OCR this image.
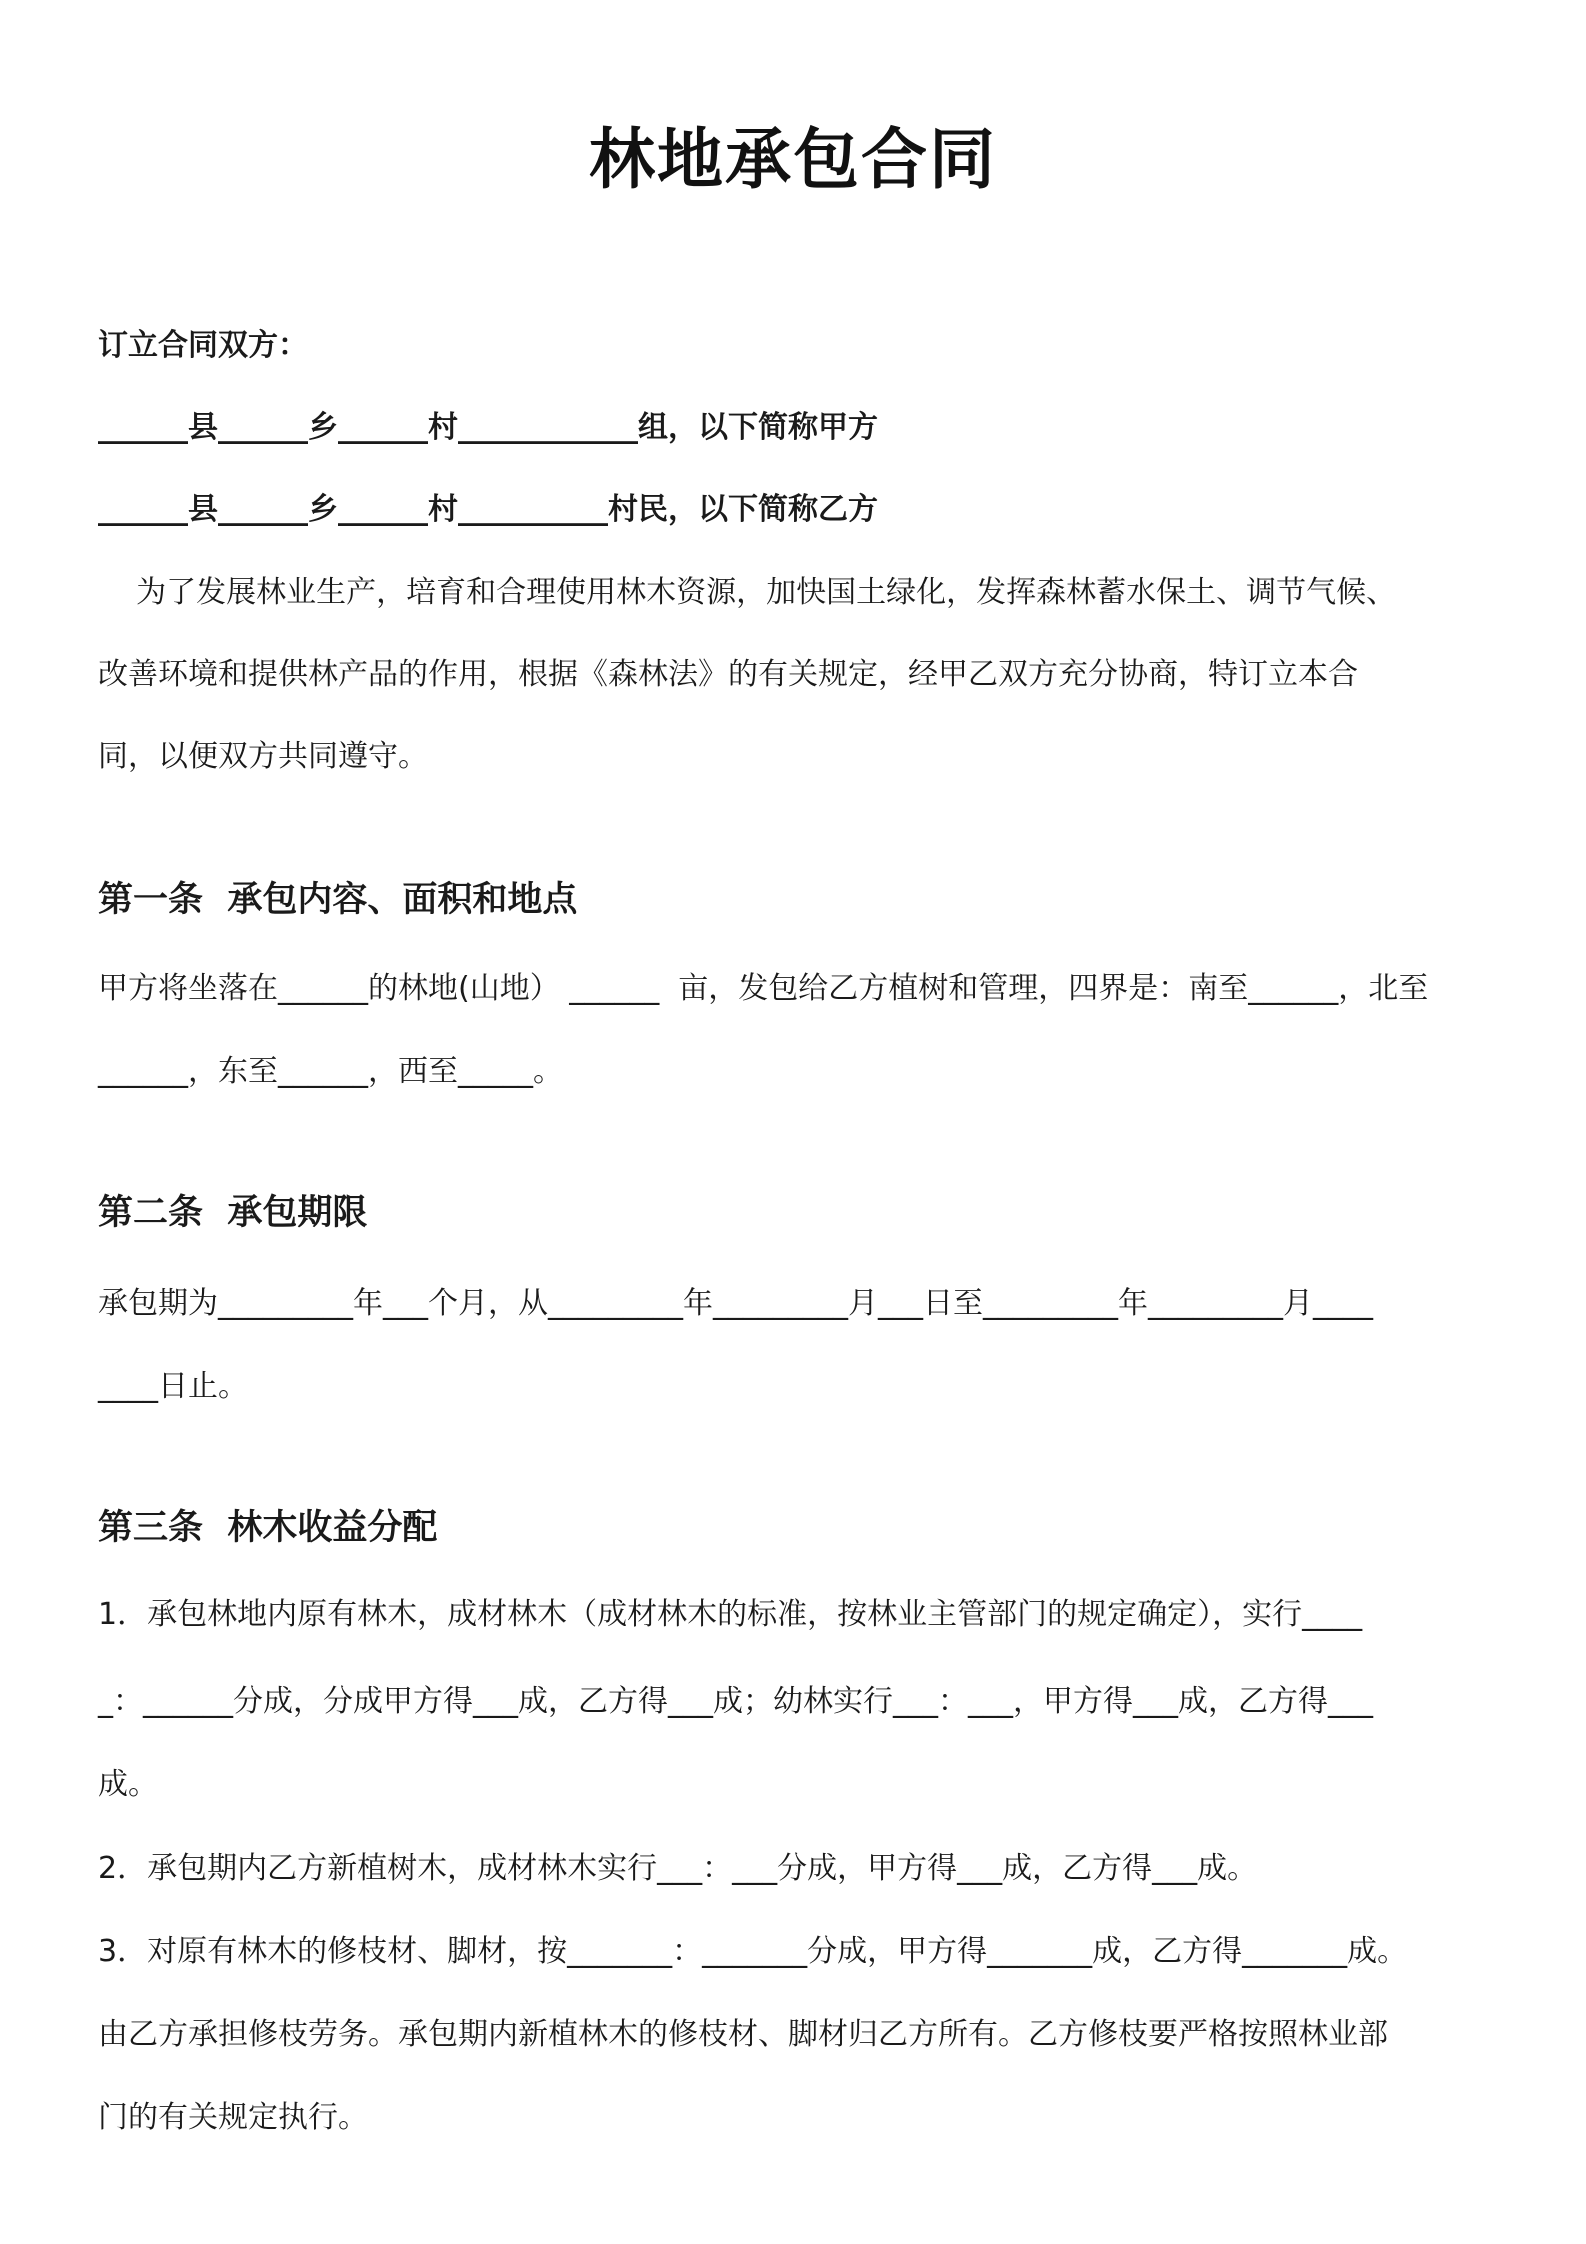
林地承包合同

订立合同双方：

______县______乡______村____________组，以下简称甲方

______县______乡______村__________村民，以下简称乙方

为了发展林业生产，培育和合理使用林木资源，加快国土绿化，发挥森林蓄水保土、调节气候、

改善环境和提供林产品的作用，根据《森林法》的有关规定，经甲乙双方充分协商，特订立本合

同，以便双方共同遵守。

第一条  承包内容、面积和地点

甲方将坐落在______的林地(山地） ______  亩，发包给乙方植树和管理，四界是：南至______，北至

______，东至______，西至_____。

第二条  承包期限

承包期为_________年___个月，从_________年_________月___日至_________年_________月____

____日止。

第三条  林木收益分配

1．承包林地内原有林木，成材林木（成材林木的标准，按林业主管部门的规定确定），实行____

_：______分成，分成甲方得___成，乙方得___成；幼林实行___：___，甲方得___成，乙方得___

成。

2．承包期内乙方新植树木，成材林木实行___：___分成，甲方得___成，乙方得___成。

3．对原有林木的修枝材、脚材，按_______：_______分成，甲方得_______成，乙方得_______成。

由乙方承担修枝劳务。承包期内新植林木的修枝材、脚材归乙方所有。乙方修枝要严格按照林业部

门的有关规定执行。
